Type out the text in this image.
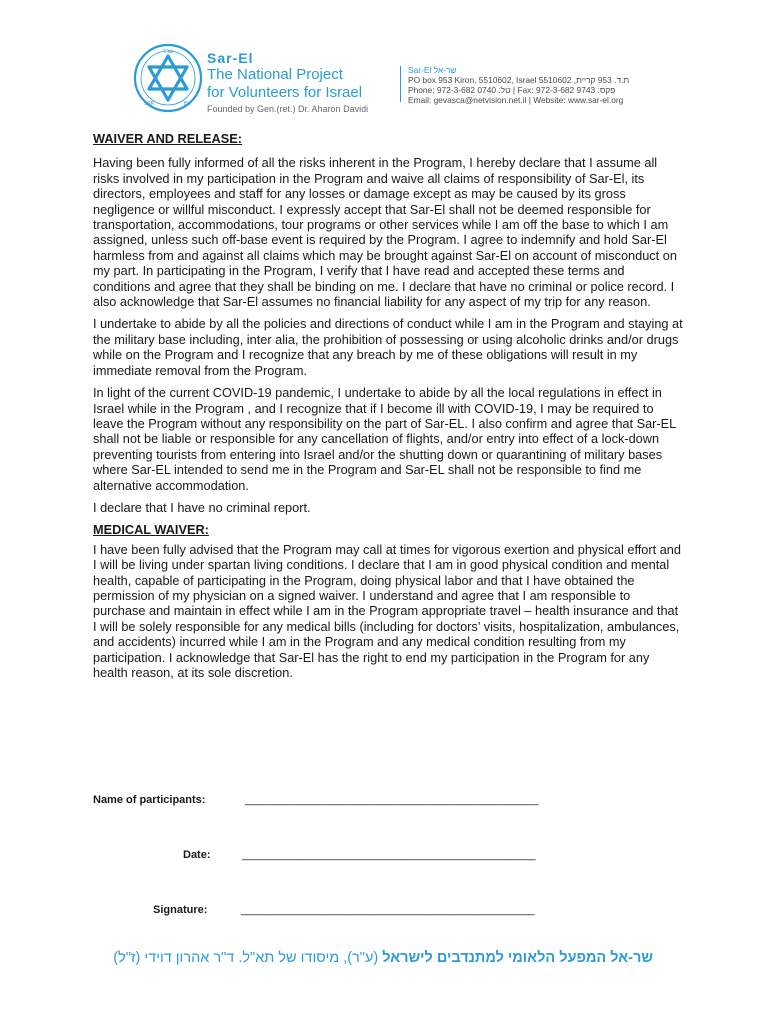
שרל
SAR	EL
Sar-El
The National Project
for Volunteers for Israel
Founded by Gen.(ret.) Dr. Aharon Davidi
Sar-El שר-אל
PO box 953 Kiron, 5510602, Israel 5510602 ,ת.ד. 953 קריית
Phone: 972-3-682 0740 :טל | Fax: 972-3-682 9743 :פקס
Email: gevasca@netvision.net.il | Website: www.sar-el.org
WAIVER AND RELEASE:

Having been fully informed of all the risks inherent in the Program, I hereby declare that I assume all risks involved in my participation in the Program and waive all claims of responsibility of Sar-El, its directors, employees and staff for any losses or damage except as may be caused by its gross negligence or willful misconduct. I expressly accept that Sar-El shall not be deemed responsible for transportation, accommodations, tour programs or other services while I am off the base to which I am assigned, unless such off-base event is required by the Program. I agree to indemnify and hold Sar-El harmless from and against all claims which may be brought against Sar-El on account of misconduct on my part. In participating in the Program, I verify that I have read and accepted these terms and conditions and agree that they shall be binding on me. I declare that have no criminal or police record. I also acknowledge that Sar-El assumes no financial liability for any aspect of my trip for any reason.

I undertake to abide by all the policies and directions of conduct while I am in the Program and staying at the military base including, inter alia, the prohibition of possessing or using alcoholic drinks and/or drugs while on the Program and I recognize that any breach by me of these obligations will result in my immediate removal from the Program.

In light of the current COVID-19 pandemic, I undertake to abide by all the local regulations in effect in Israel while in the Program , and I recognize that if I become ill with COVID-19, I may be required to leave the Program without any responsibility on the part of Sar-EL. I also confirm and agree that Sar-EL shall not be liable or responsible for any cancellation of flights, and/or entry into effect of a lock-down preventing tourists from entering into Israel and/or the shutting down or quarantining of military bases where Sar-EL intended to send me in the Program and Sar-EL shall not be responsible to find me alternative accommodation.

I declare that I have no criminal report.

MEDICAL WAIVER:

I have been fully advised that the Program may call at times for vigorous exertion and physical effort and I will be living under spartan living conditions. I declare that I am in good physical condition and mental health, capable of participating in the Program, doing physical labor and that I have obtained the permission of my physician on a signed waiver. I understand and agree that I am responsible to purchase and maintain in effect while I am in the Program appropriate travel – health insurance and that I will be solely responsible for any medical bills (including for doctors’ visits, hospitalization, ambulances, and accidents) incurred while I am in the Program and any medical condition resulting from my participation. I acknowledge that Sar-El has the right to end my participation in the Program for any health reason, at its sole discretion.

Name of participants:	________________________________________________
Date:	________________________________________________
Signature:	________________________________________________
שר-אל המפעל הלאומי למתנדבים לישראל (ע"ר), מיסודו של תא"ל. ד"ר אהרון דוידי (ז"ל)
